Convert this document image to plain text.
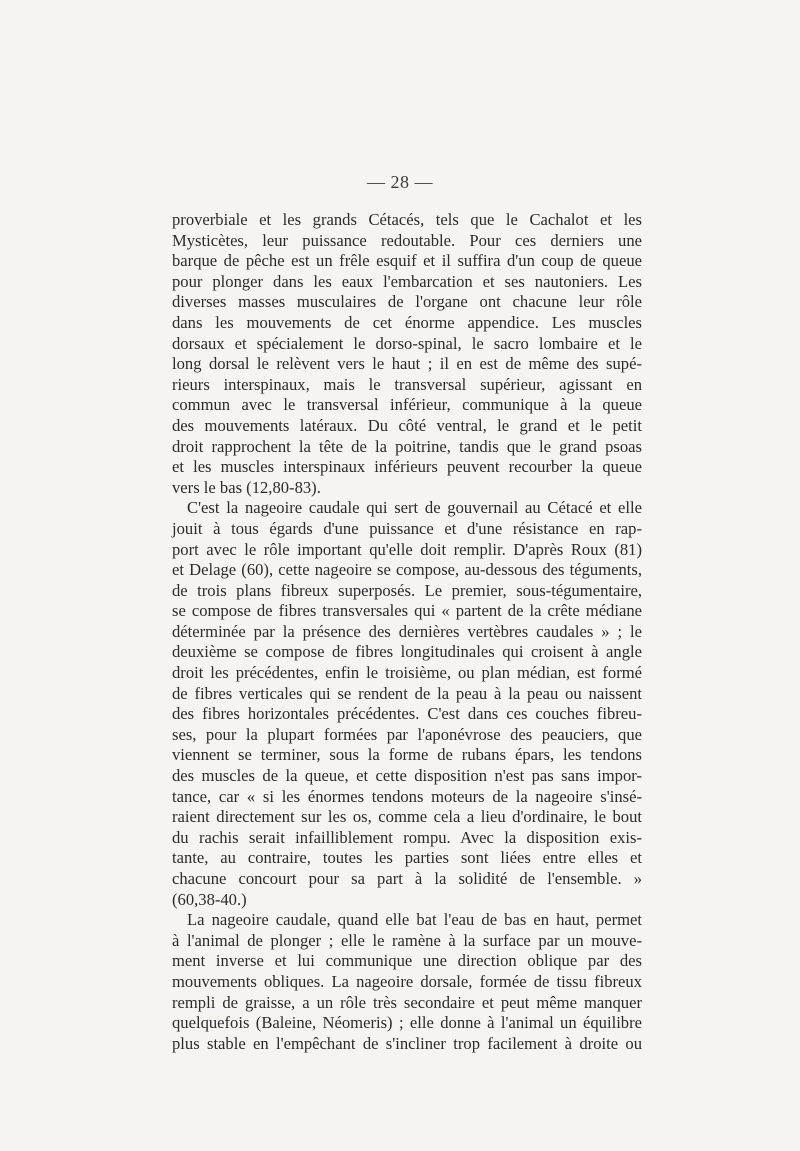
— 28 —
proverbiale et les grands Cétacés, tels que le Cachalot et les
Mysticètes, leur puissance redoutable. Pour ces derniers une
barque de pêche est un frêle esquif et il suffira d'un coup de queue
pour plonger dans les eaux l'embarcation et ses nautoniers. Les
diverses masses musculaires de l'organe ont chacune leur rôle
dans les mouvements de cet énorme appendice. Les muscles
dorsaux et spécialement le dorso-spinal, le sacro lombaire et le
long dorsal le relèvent vers le haut ; il en est de même des supé-
rieurs interspinaux, mais le transversal supérieur, agissant en
commun avec le transversal inférieur, communique à la queue
des mouvements latéraux. Du côté ventral, le grand et le petit
droit rapprochent la tête de la poitrine, tandis que le grand psoas
et les muscles interspinaux inférieurs peuvent recourber la queue
vers le bas (12,80-83).
C'est la nageoire caudale qui sert de gouvernail au Cétacé et elle
jouit à tous égards d'une puissance et d'une résistance en rap-
port avec le rôle important qu'elle doit remplir. D'après Roux (81)
et Delage (60), cette nageoire se compose, au-dessous des téguments,
de trois plans fibreux superposés. Le premier, sous-tégumentaire,
se compose de fibres transversales qui « partent de la crête médiane
déterminée par la présence des dernières vertèbres caudales » ; le
deuxième se compose de fibres longitudinales qui croisent à angle
droit les précédentes, enfin le troisième, ou plan médian, est formé
de fibres verticales qui se rendent de la peau à la peau ou naissent
des fibres horizontales précédentes. C'est dans ces couches fibreu-
ses, pour la plupart formées par l'aponévrose des peauciers, que
viennent se terminer, sous la forme de rubans épars, les tendons
des muscles de la queue, et cette disposition n'est pas sans impor-
tance, car « si les énormes tendons moteurs de la nageoire s'insé-
raient directement sur les os, comme cela a lieu d'ordinaire, le bout
du rachis serait infailliblement rompu. Avec la disposition exis-
tante, au contraire, toutes les parties sont liées entre elles et
chacune concourt pour sa part à la solidité de l'ensemble. »
(60,38-40.)
La nageoire caudale, quand elle bat l'eau de bas en haut, permet
à l'animal de plonger ; elle le ramène à la surface par un mouve-
ment inverse et lui communique une direction oblique par des
mouvements obliques. La nageoire dorsale, formée de tissu fibreux
rempli de graisse, a un rôle très secondaire et peut même manquer
quelquefois (Baleine, Néomeris) ; elle donne à l'animal un équilibre
plus stable en l'empêchant de s'incliner trop facilement à droite ou
